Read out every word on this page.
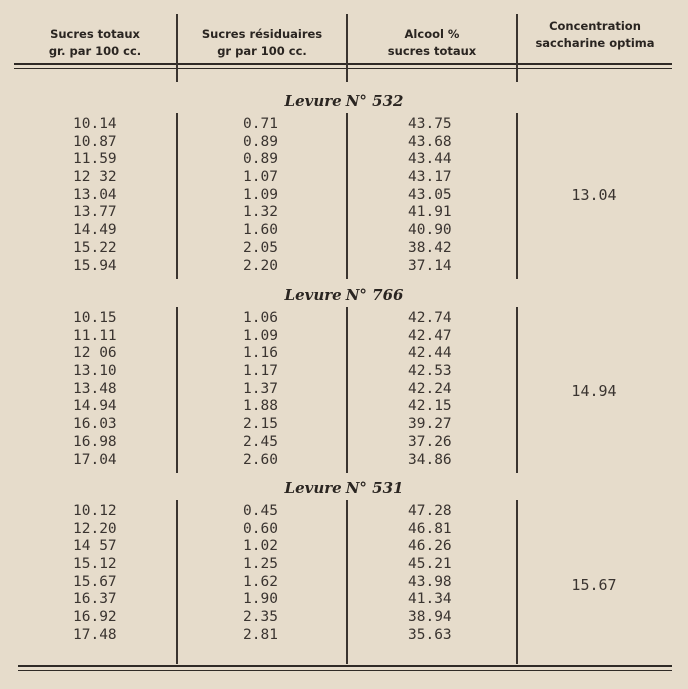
Sucres totaux
gr. par 100 cc.
Sucres résiduaires
gr par 100 cc.
Alcool %
sucres totaux
Concentration
saccharine optima
Levure N° 532
10.14
10.87
11.59
12 32
13.04
13.77
14.49
15.22
15.94
0.71
0.89
0.89
1.07
1.09
1.32
1.60
2.05
2.20
43.75
43.68
43.44
43.17
43.05
41.91
40.90
38.42
37.14
13.04
Levure N° 766
10.15
11.11
12 06
13.10
13.48
14.94
16.03
16.98
17.04
1.06
1.09
1.16
1.17
1.37
1.88
2.15
2.45
2.60
42.74
42.47
42.44
42.53
42.24
42.15
39.27
37.26
34.86
14.94
Levure N° 531
10.12
12.20
14 57
15.12
15.67
16.37
16.92
17.48
0.45
0.60
1.02
1.25
1.62
1.90
2.35
2.81
47.28
46.81
46.26
45.21
43.98
41.34
38.94
35.63
15.67
